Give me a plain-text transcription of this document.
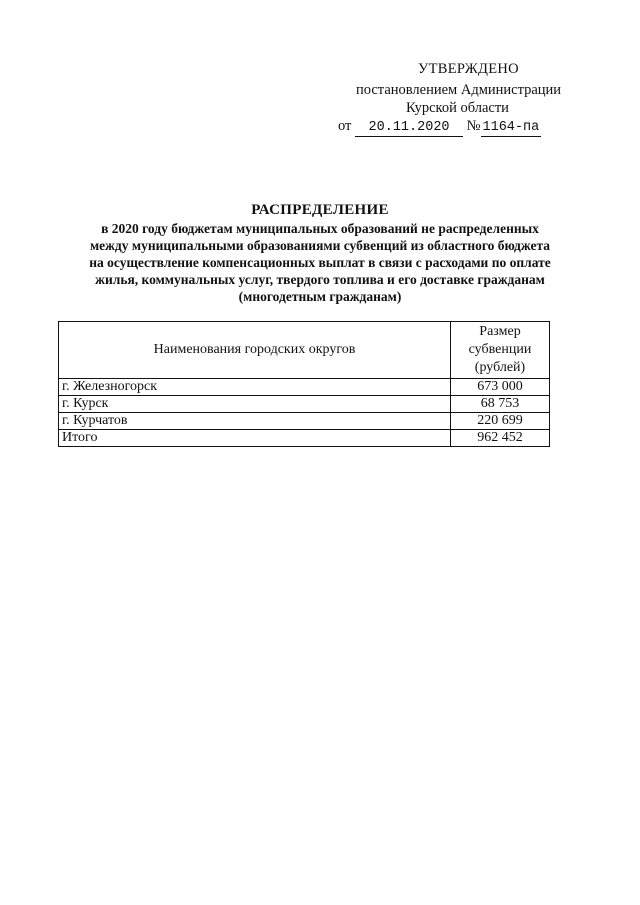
УТВЕРЖДЕНО
постановлением Администрации
Курской области
от 20.11.2020 № 1164-па
РАСПРЕДЕЛЕНИЕ
в 2020 году бюджетам муниципальных образований не распределенных
между муниципальными образованиями субвенций из областного бюджета
на осуществление компенсационных выплат в связи с расходами по оплате
жилья, коммунальных услуг, твердого топлива и его доставке гражданам
(многодетным гражданам)
Наименования городских округов	Размер
субвенции
(рублей)

г. Железногорск	673 000
г. Курск	68 753
г. Курчатов	220 699
Итого	962 452
